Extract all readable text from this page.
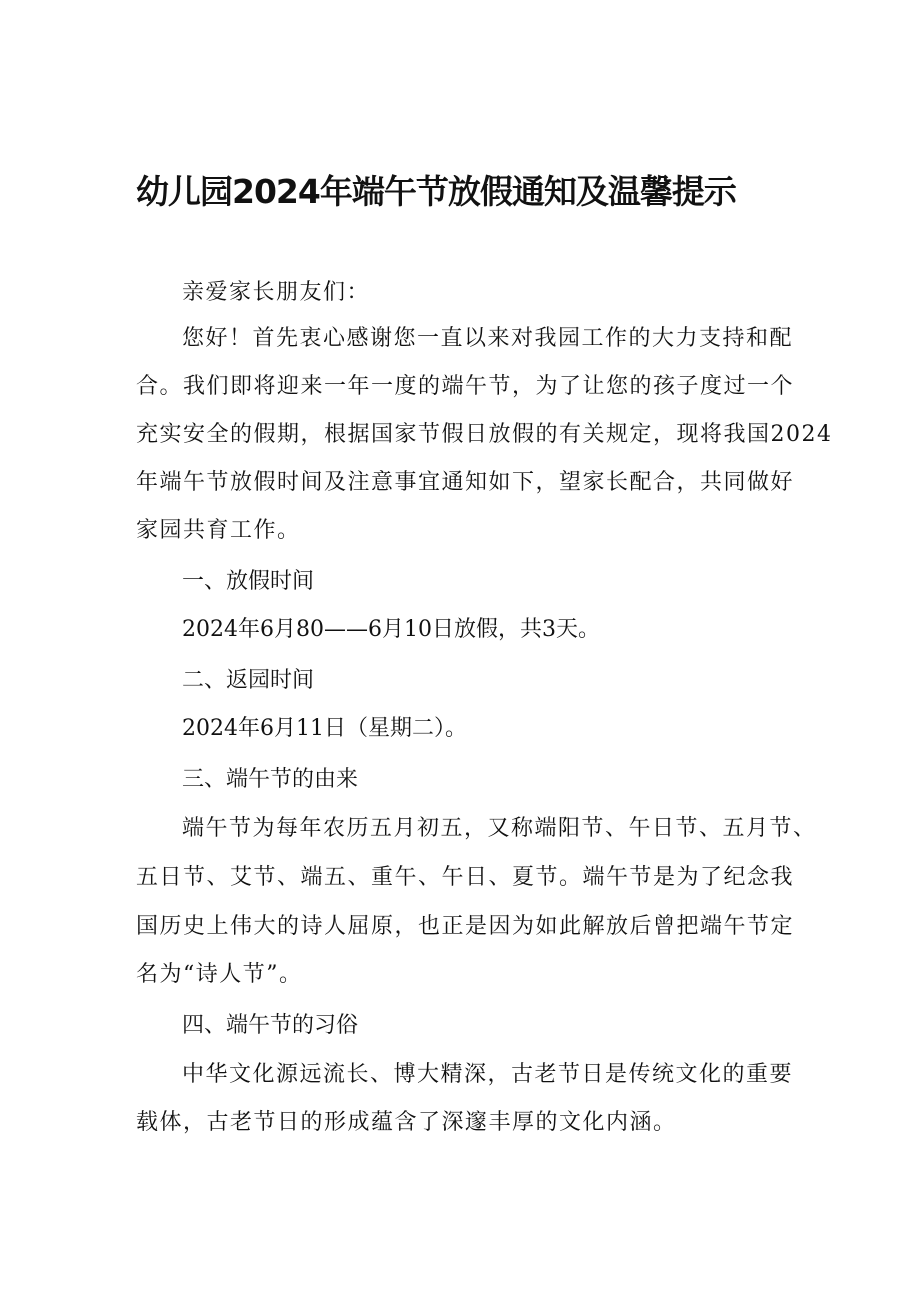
幼儿园2024年端午节放假通知及温馨提示
亲爱家长朋友们：
您好！首先衷心感谢您一直以来对我园工作的大力支持和配
合。我们即将迎来一年一度的端午节，为了让您的孩子度过一个
充实安全的假期，根据国家节假日放假的有关规定，现将我国2024
年端午节放假时间及注意事宜通知如下，望家长配合，共同做好
家园共育工作。
一、放假时间
2024年6月80——6月10日放假，共3天。
二、返园时间
2024年6月11日（星期二）。
三、端午节的由来
端午节为每年农历五月初五，又称端阳节、午日节、五月节、
五日节、艾节、端五、重午、午日、夏节。端午节是为了纪念我
国历史上伟大的诗人屈原，也正是因为如此解放后曾把端午节定
名为“诗人节”。
四、端午节的习俗
中华文化源远流长、博大精深，古老节日是传统文化的重要
载体，古老节日的形成蕴含了深邃丰厚的文化内涵。
